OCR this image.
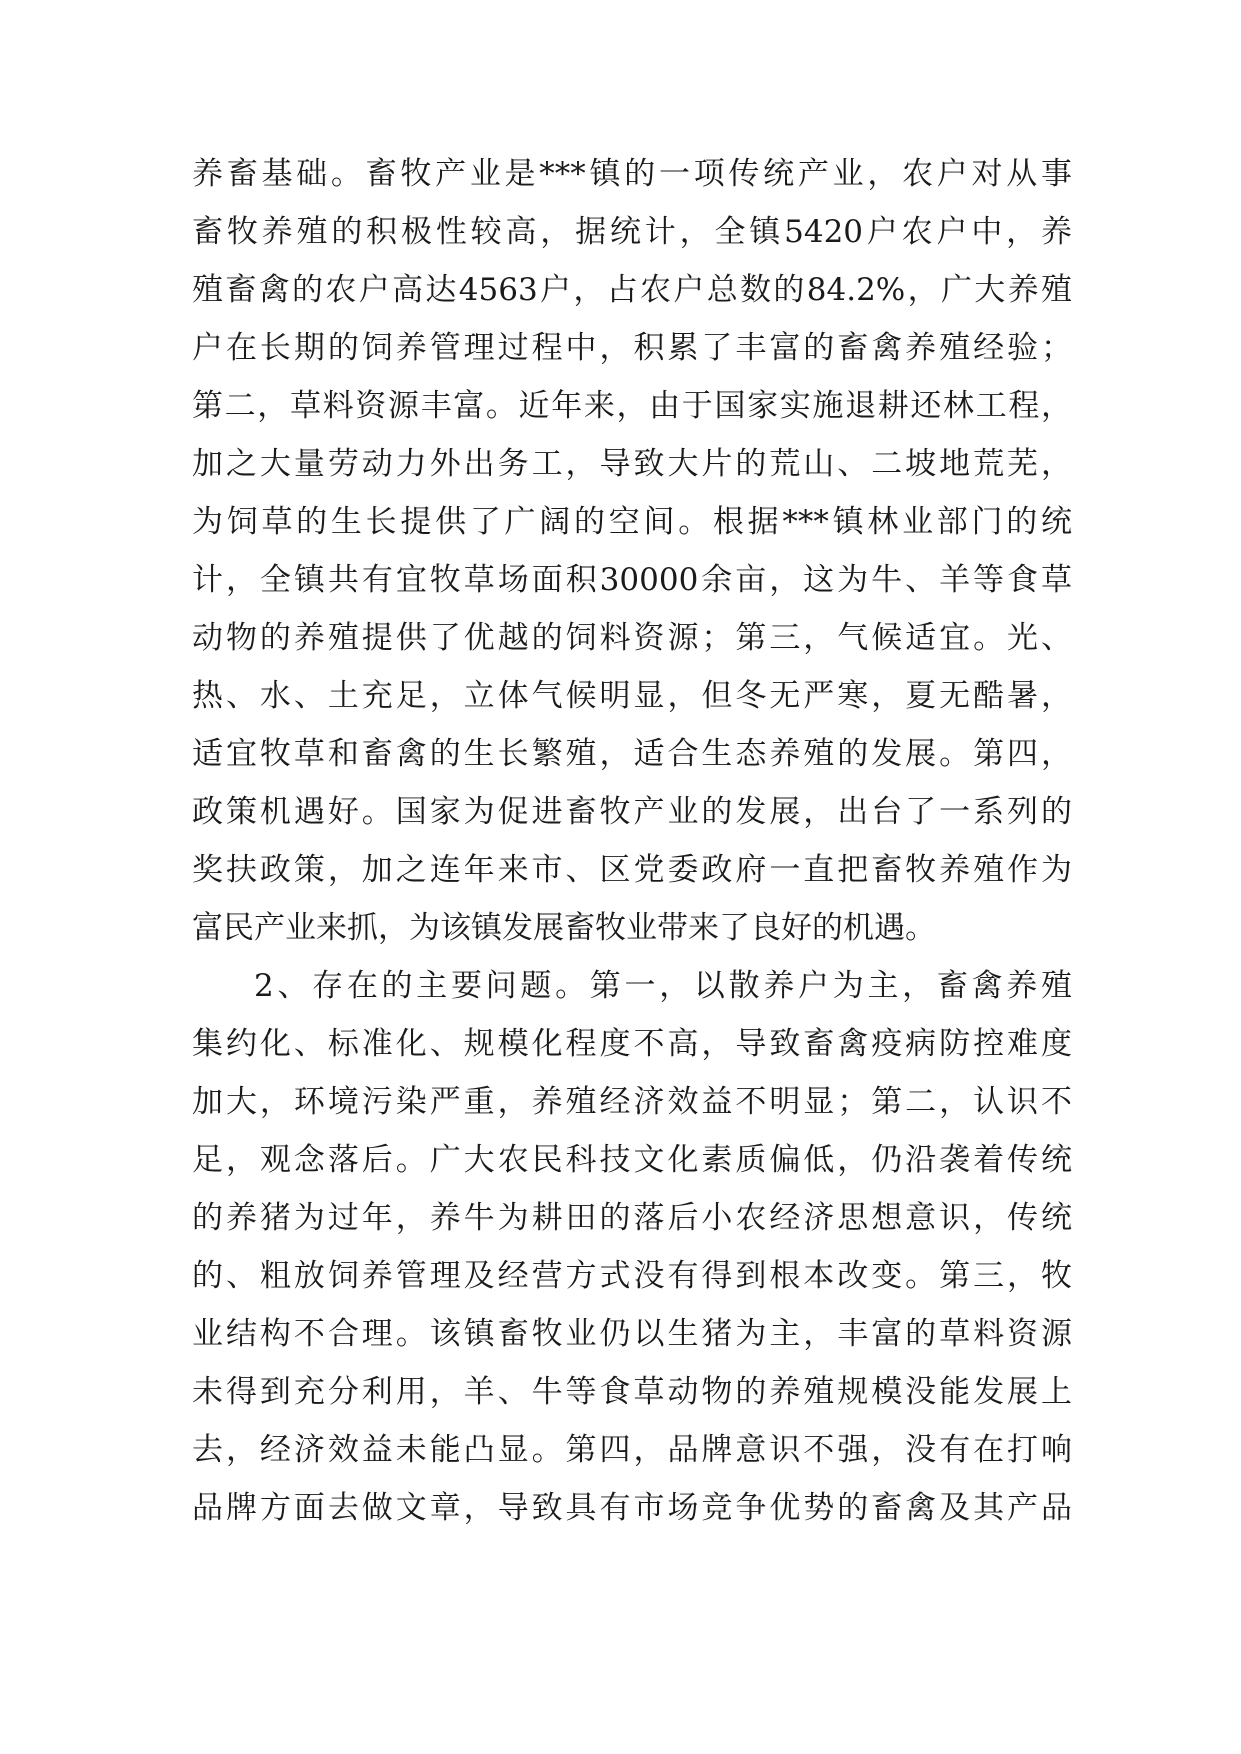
养畜基础。畜牧产业是***镇的一项传统产业，农户对从事
畜牧养殖的积极性较高，据统计，全镇5420户农户中，养
殖畜禽的农户高达4563户，占农户总数的84.2%，广大养殖
户在长期的饲养管理过程中，积累了丰富的畜禽养殖经验；
第二，草料资源丰富。近年来，由于国家实施退耕还林工程，
加之大量劳动力外出务工，导致大片的荒山、二坡地荒芜，
为饲草的生长提供了广阔的空间。根据***镇林业部门的统
计，全镇共有宜牧草场面积30000余亩，这为牛、羊等食草
动物的养殖提供了优越的饲料资源；第三，气候适宜。光、
热、水、土充足，立体气候明显，但冬无严寒，夏无酷暑，
适宜牧草和畜禽的生长繁殖，适合生态养殖的发展。第四，
政策机遇好。国家为促进畜牧产业的发展，出台了一系列的
奖扶政策，加之连年来市、区党委政府一直把畜牧养殖作为
富民产业来抓，为该镇发展畜牧业带来了良好的机遇。
2、存在的主要问题。第一，以散养户为主，畜禽养殖
集约化、标准化、规模化程度不高，导致畜禽疫病防控难度
加大，环境污染严重，养殖经济效益不明显；第二，认识不
足，观念落后。广大农民科技文化素质偏低，仍沿袭着传统
的养猪为过年，养牛为耕田的落后小农经济思想意识，传统
的、粗放饲养管理及经营方式没有得到根本改变。第三，牧
业结构不合理。该镇畜牧业仍以生猪为主，丰富的草料资源
未得到充分利用，羊、牛等食草动物的养殖规模没能发展上
去，经济效益未能凸显。第四，品牌意识不强，没有在打响
品牌方面去做文章，导致具有市场竞争优势的畜禽及其产品
